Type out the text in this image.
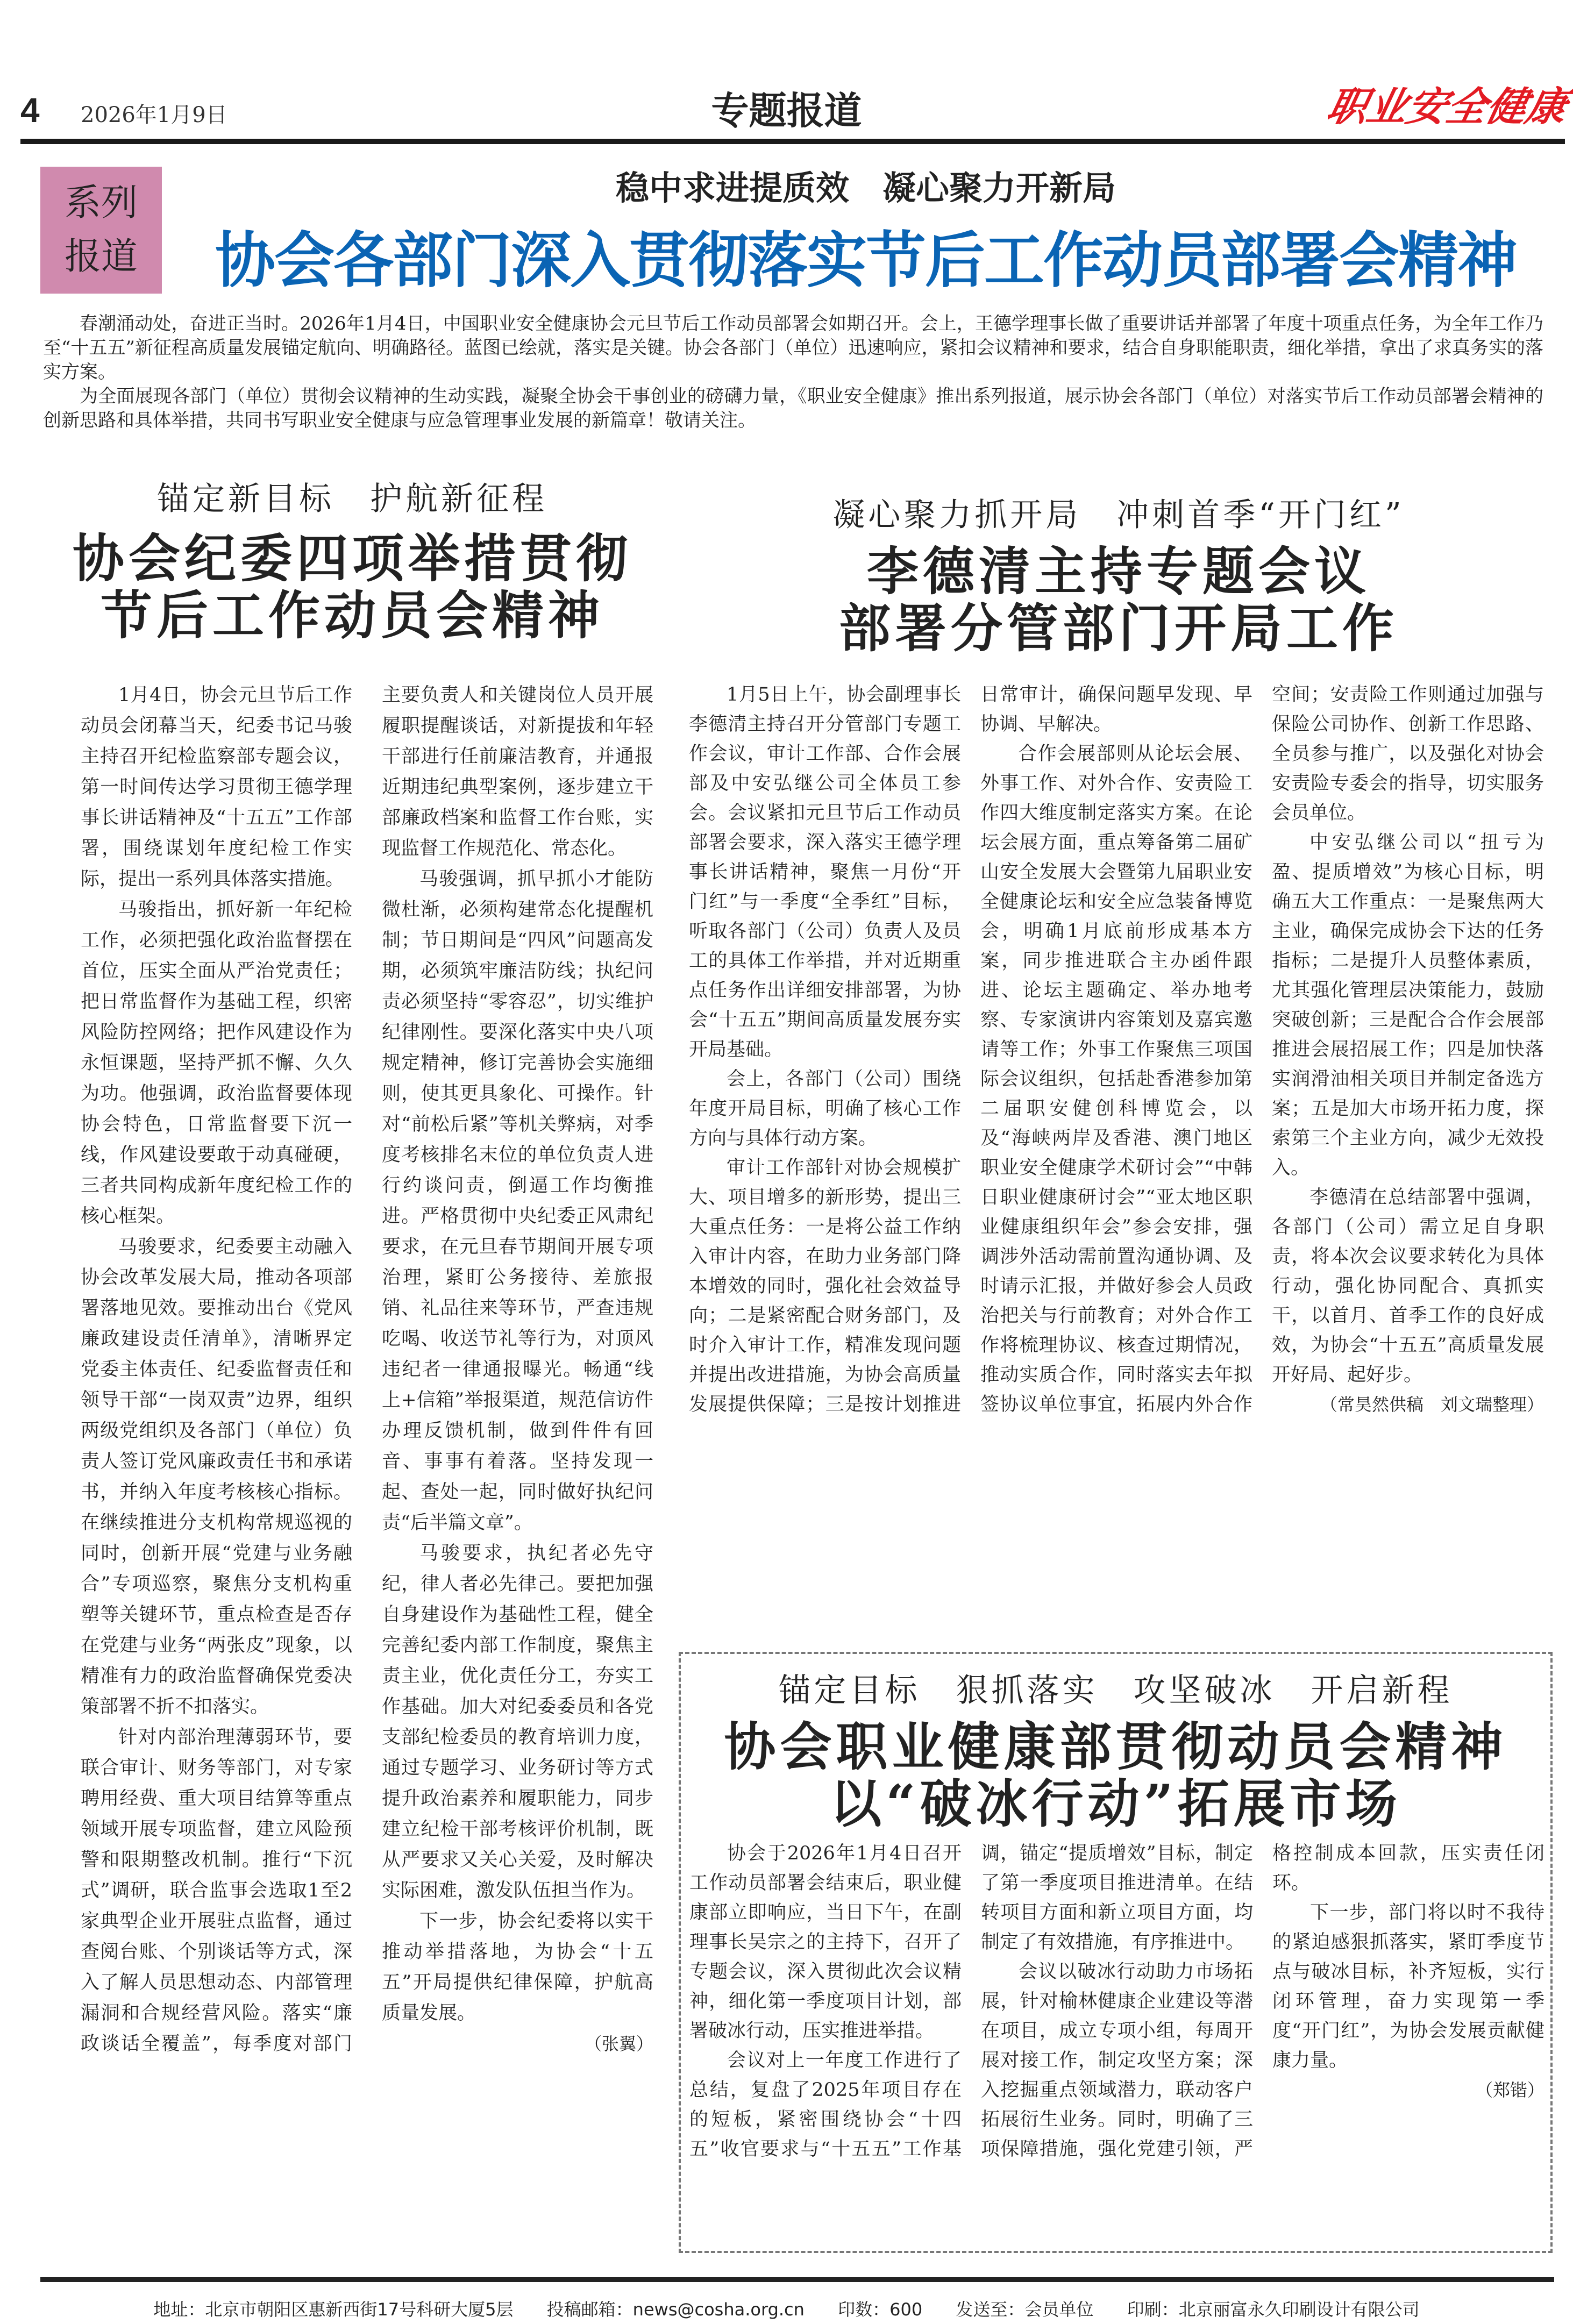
4 2026年1月9日	专题报道	职业安全健康
系列
报道
稳中求进提质效　凝心聚力开新局
协会各部门深入贯彻落实节后工作动员部署会精神

春潮涌动处，奋进正当时。2026年1月4日，中国职业安全健康协会元旦节后工作动员部署会如期召开。会上，王德学理事长做了重要讲话并部署了年度十项重点任务，为全年工作乃至“十五五”新征程高质量发展锚定航向、明确路径。蓝图已绘就，落实是关键。协会各部门（单位）迅速响应，紧扣会议精神和要求，结合自身职能职责，细化举措，拿出了求真务实的落实方案。

为全面展现各部门（单位）贯彻会议精神的生动实践，凝聚全协会干事创业的磅礴力量，《职业安全健康》推出系列报道，展示协会各部门（单位）对落实节后工作动员部署会精神的创新思路和具体举措，共同书写职业安全健康与应急管理事业发展的新篇章！敬请关注。

锚定新目标　护航新征程
协会纪委四项举措贯彻
节后工作动员会精神

1月4日，协会元旦节后工作动员会闭幕当天，纪委书记马骏主持召开纪检监察部专题会议，第一时间传达学习贯彻王德学理事长讲话精神及“十五五”工作部署，围绕谋划年度纪检工作实际，提出一系列具体落实措施。

马骏指出，抓好新一年纪检工作，必须把强化政治监督摆在首位，压实全面从严治党责任；把日常监督作为基础工程，织密风险防控网络；把作风建设作为永恒课题，坚持严抓不懈、久久为功。他强调，政治监督要体现协会特色，日常监督要下沉一线，作风建设要敢于动真碰硬，三者共同构成新年度纪检工作的核心框架。

马骏要求，纪委要主动融入协会改革发展大局，推动各项部署落地见效。要推动出台《党风廉政建设责任清单》，清晰界定党委主体责任、纪委监督责任和领导干部“一岗双责”边界，组织两级党组织及各部门（单位）负责人签订党风廉政责任书和承诺书，并纳入年度考核核心指标。在继续推进分支机构常规巡视的同时，创新开展“党建与业务融合”专项巡察，聚焦分支机构重塑等关键环节，重点检查是否存在党建与业务“两张皮”现象，以精准有力的政治监督确保党委决策部署不折不扣落实。

针对内部治理薄弱环节，要联合审计、财务等部门，对专家聘用经费、重大项目结算等重点领域开展专项监督，建立风险预警和限期整改机制。推行“下沉式”调研，联合监事会选取1至2家典型企业开展驻点监督，通过查阅台账、个别谈话等方式，深入了解人员思想动态、内部管理漏洞和合规经营风险。落实“廉政谈话全覆盖”，每季度对部门主要负责人和关键岗位人员开展履职提醒谈话，对新提拔和年轻干部进行任前廉洁教育，并通报近期违纪典型案例，逐步建立干部廉政档案和监督工作台账，实现监督工作规范化、常态化。

马骏强调，抓早抓小才能防微杜渐，必须构建常态化提醒机制；节日期间是“四风”问题高发期，必须筑牢廉洁防线；执纪问责必须坚持“零容忍”，切实维护纪律刚性。要深化落实中央八项规定精神，修订完善协会实施细则，使其更具象化、可操作。针对“前松后紧”等机关弊病，对季度考核排名末位的单位负责人进行约谈问责，倒逼工作均衡推进。严格贯彻中央纪委正风肃纪要求，在元旦春节期间开展专项治理，紧盯公务接待、差旅报销、礼品往来等环节，严查违规吃喝、收送节礼等行为，对顶风违纪者一律通报曝光。畅通“线上+信箱”举报渠道，规范信访件办理反馈机制，做到件件有回音、事事有着落。坚持发现一起、查处一起，同时做好执纪问责“后半篇文章”。

马骏要求，执纪者必先守纪，律人者必先律己。要把加强自身建设作为基础性工程，健全完善纪委内部工作制度，聚焦主责主业，优化责任分工，夯实工作基础。加大对纪委委员和各党支部纪检委员的教育培训力度，通过专题学习、业务研讨等方式提升政治素养和履职能力，同步建立纪检干部考核评价机制，既从严要求又关心关爱，及时解决实际困难，激发队伍担当作为。

下一步，协会纪委将以实干推动举措落地，为协会“十五五”开局提供纪律保障，护航高质量发展。

（张翼）
凝心聚力抓开局　冲刺首季“开门红”
李德清主持专题会议
部署分管部门开局工作

1月5日上午，协会副理事长李德清主持召开分管部门专题工作会议，审计工作部、合作会展部及中安弘继公司全体员工参会。会议紧扣元旦节后工作动员部署会要求，深入落实王德学理事长讲话精神，聚焦一月份“开门红”与一季度“全季红”目标，听取各部门（公司）负责人及员工的具体工作举措，并对近期重点任务作出详细安排部署，为协会“十五五”期间高质量发展夯实开局基础。

会上，各部门（公司）围绕年度开局目标，明确了核心工作方向与具体行动方案。

审计工作部针对协会规模扩大、项目增多的新形势，提出三大重点任务：一是将公益工作纳入审计内容，在助力业务部门降本增效的同时，强化社会效益导向；二是紧密配合财务部门，及时介入审计工作，精准发现问题并提出改进措施，为协会高质量发展提供保障；三是按计划推进日常审计，确保问题早发现、早协调、早解决。

合作会展部则从论坛会展、外事工作、对外合作、安责险工作四大维度制定落实方案。在论坛会展方面，重点筹备第二届矿山安全发展大会暨第九届职业安全健康论坛和安全应急装备博览会，明确1月底前形成基本方案，同步推进联合主办函件跟进、论坛主题确定、举办地考察、专家演讲内容策划及嘉宾邀请等工作；外事工作聚焦三项国际会议组织，包括赴香港参加第二届职安健创科博览会，以及“海峡两岸及香港、澳门地区职业安全健康学术研讨会”“中韩日职业健康研讨会”“亚太地区职业健康组织年会”参会安排，强调涉外活动需前置沟通协调、及时请示汇报，并做好参会人员政治把关与行前教育；对外合作工作将梳理协议、核查过期情况，推动实质合作，同时落实去年拟签协议单位事宜，拓展内外合作空间；安责险工作则通过加强与保险公司协作、创新工作思路、全员参与推广，以及强化对协会安责险专委会的指导，切实服务会员单位。

中安弘继公司以“扭亏为盈、提质增效”为核心目标，明确五大工作重点：一是聚焦两大主业，确保完成协会下达的任务指标；二是提升人员整体素质，尤其强化管理层决策能力，鼓励突破创新；三是配合合作会展部推进会展招展工作；四是加快落实润滑油相关项目并制定备选方案；五是加大市场开拓力度，探索第三个主业方向，减少无效投入。

李德清在总结部署中强调，各部门（公司）需立足自身职责，将本次会议要求转化为具体行动，强化协同配合、真抓实干，以首月、首季工作的良好成效，为协会“十五五”高质量发展开好局、起好步。

（常昊然供稿　刘文瑞整理）
锚定目标　狠抓落实　攻坚破冰　开启新程
协会职业健康部贯彻动员会精神
以“破冰行动”拓展市场

协会于2026年1月4日召开工作动员部署会结束后，职业健康部立即响应，当日下午，在副理事长吴宗之的主持下，召开了专题会议，深入贯彻此次会议精神，细化第一季度项目计划，部署破冰行动，压实推进举措。

会议对上一年度工作进行了总结，复盘了2025年项目存在的短板，紧密围绕协会“十四五”收官要求与“十五五”工作基调，锚定“提质增效”目标，制定了第一季度项目推进清单。在结转项目方面和新立项目方面，均制定了有效措施，有序推进中。

会议以破冰行动助力市场拓展，针对榆林健康企业建设等潜在项目，成立专项小组，每周开展对接工作，制定攻坚方案；深入挖掘重点领域潜力，联动客户拓展衍生业务。同时，明确了三项保障措施，强化党建引领，严格控制成本回款，压实责任闭环。

下一步，部门将以时不我待的紧迫感狠抓落实，紧盯季度节点与破冰目标，补齐短板，实行闭环管理，奋力实现第一季度“开门红”，为协会发展贡献健康力量。

（郑锴）
地址：北京市朝阳区惠新西街17号科研大厦5层 投稿邮箱：news@cosha.org.cn 印数：600 发送至：会员单位 印刷：北京丽富永久印刷设计有限公司
